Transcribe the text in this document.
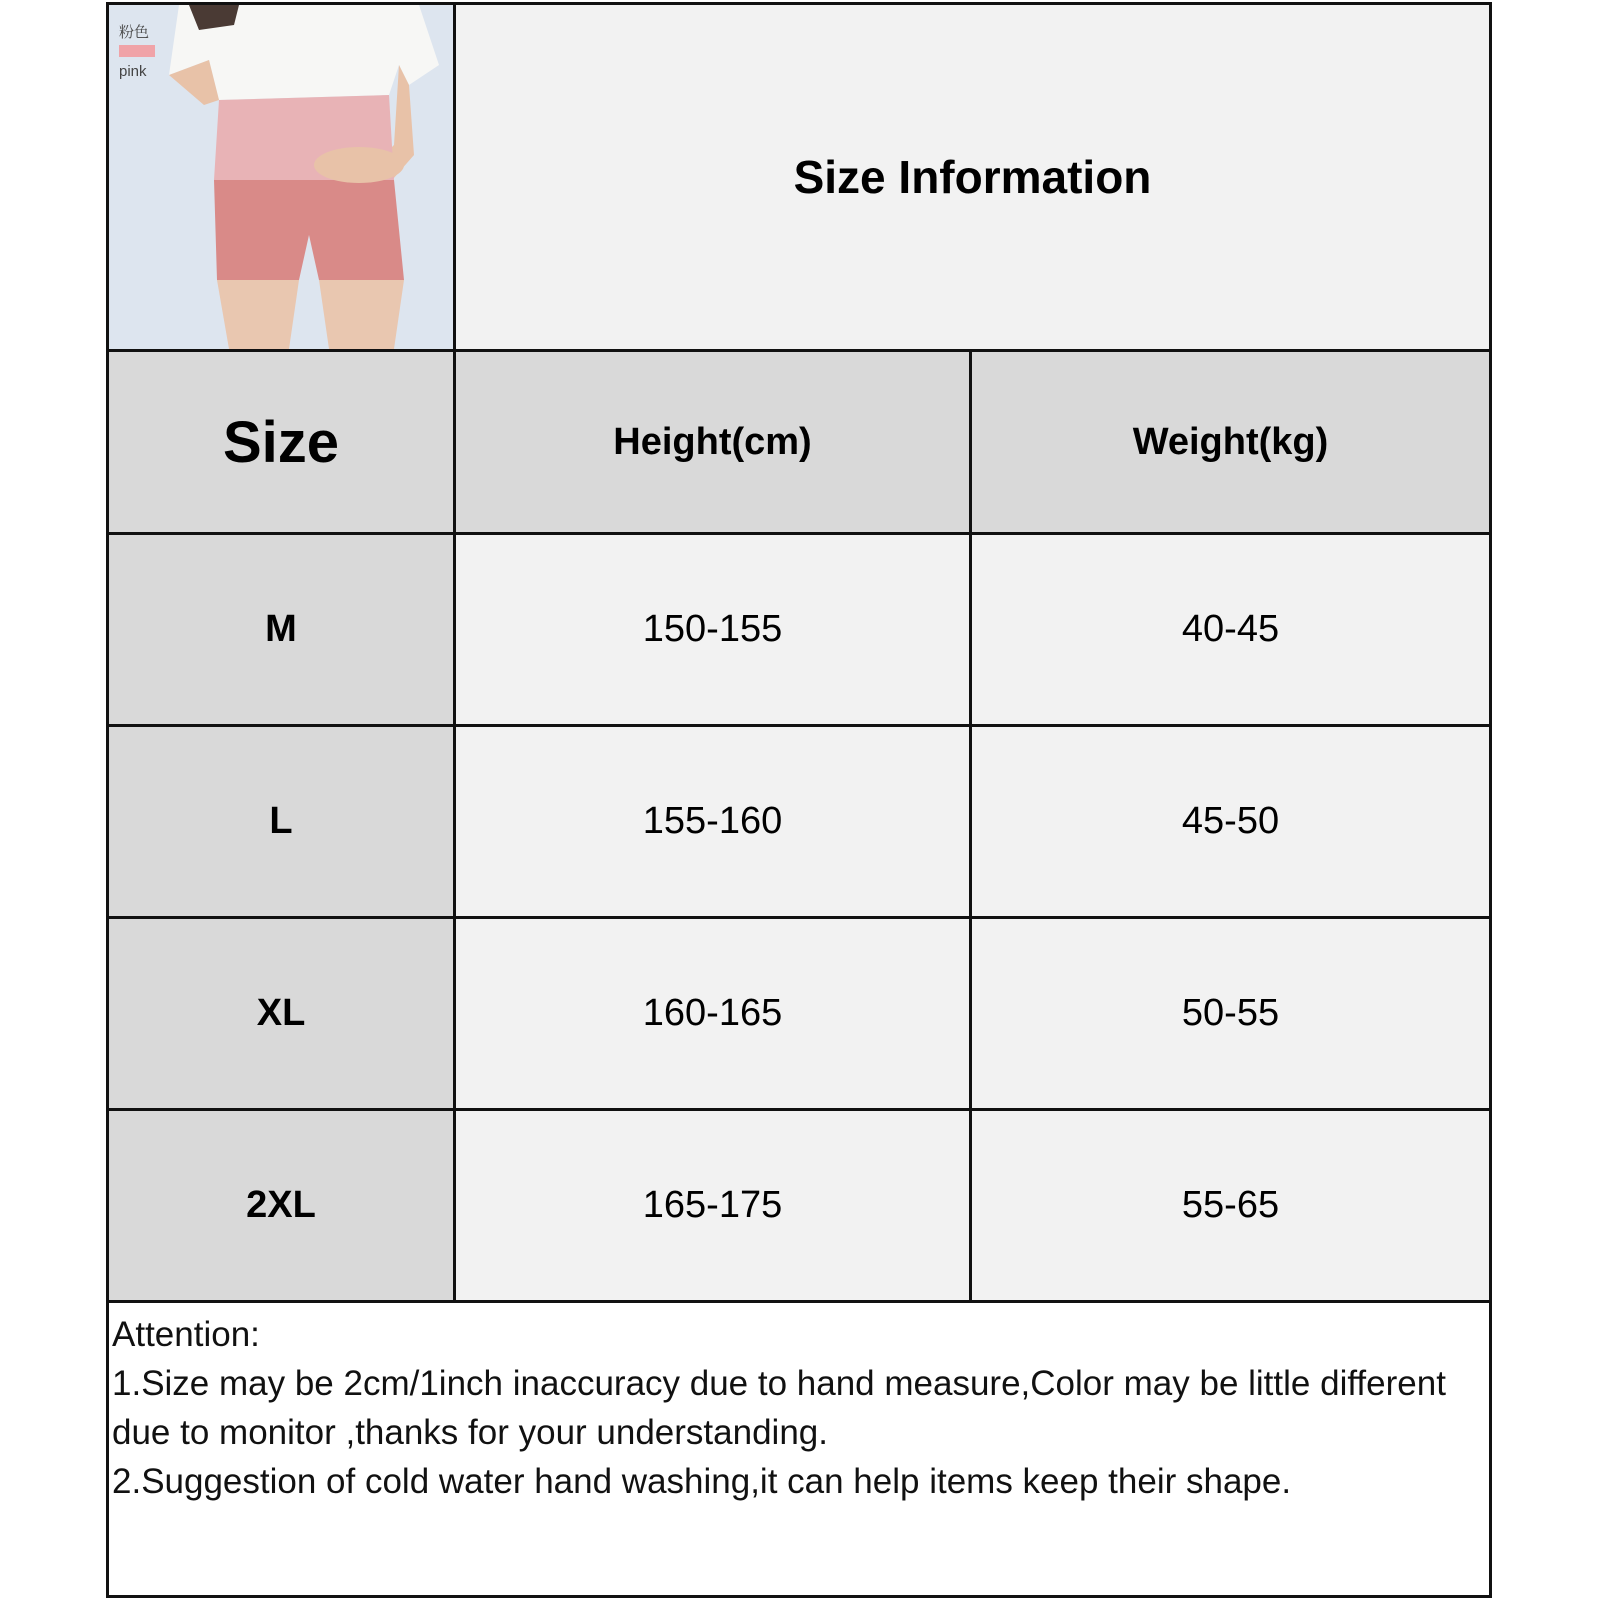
粉色
pink
Size Information
Size	Height(cm)	Weight(kg)
M	150-155	40-45
L	155-160	45-50
XL	160-165	50-55
2XL	165-175	55-65
Attention:
1.Size may be 2cm/1inch inaccuracy due to hand measure,Color may be little different due to monitor ,thanks for your understanding.
2.Suggestion of cold water hand washing,it can help items keep their shape.
